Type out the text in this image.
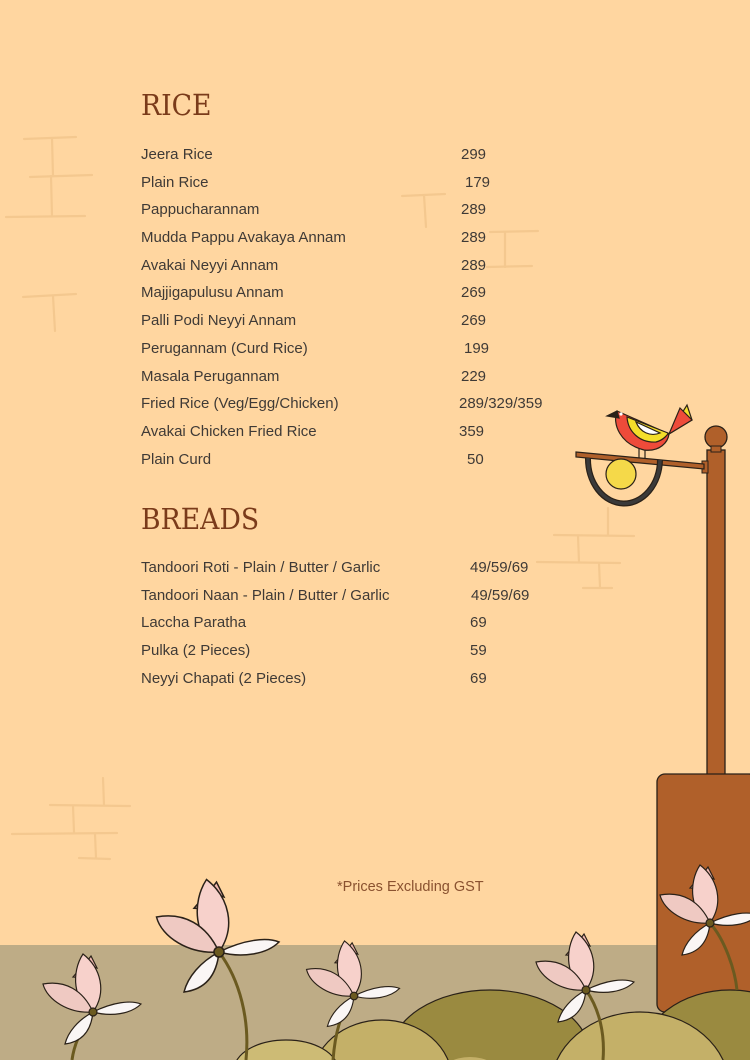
RICE
Jeera Rice	299
Plain Rice	179
Pappucharannam	289
Mudda Pappu Avakaya Annam	289
Avakai Neyyi Annam	289
Majjigapulusu Annam	269
Palli Podi Neyyi Annam	269
Perugannam (Curd Rice)	199
Masala Perugannam	229
Fried Rice (Veg/Egg/Chicken)	289/329/359
Avakai Chicken Fried Rice	359
Plain Curd	50
BREADS
Tandoori Roti - Plain / Butter / Garlic	49/59/69
Tandoori Naan - Plain / Butter / Garlic	49/59/69
Laccha Paratha	69
Pulka (2 Pieces)	59
Neyyi Chapati (2 Pieces)	69
*Prices Excluding GST
